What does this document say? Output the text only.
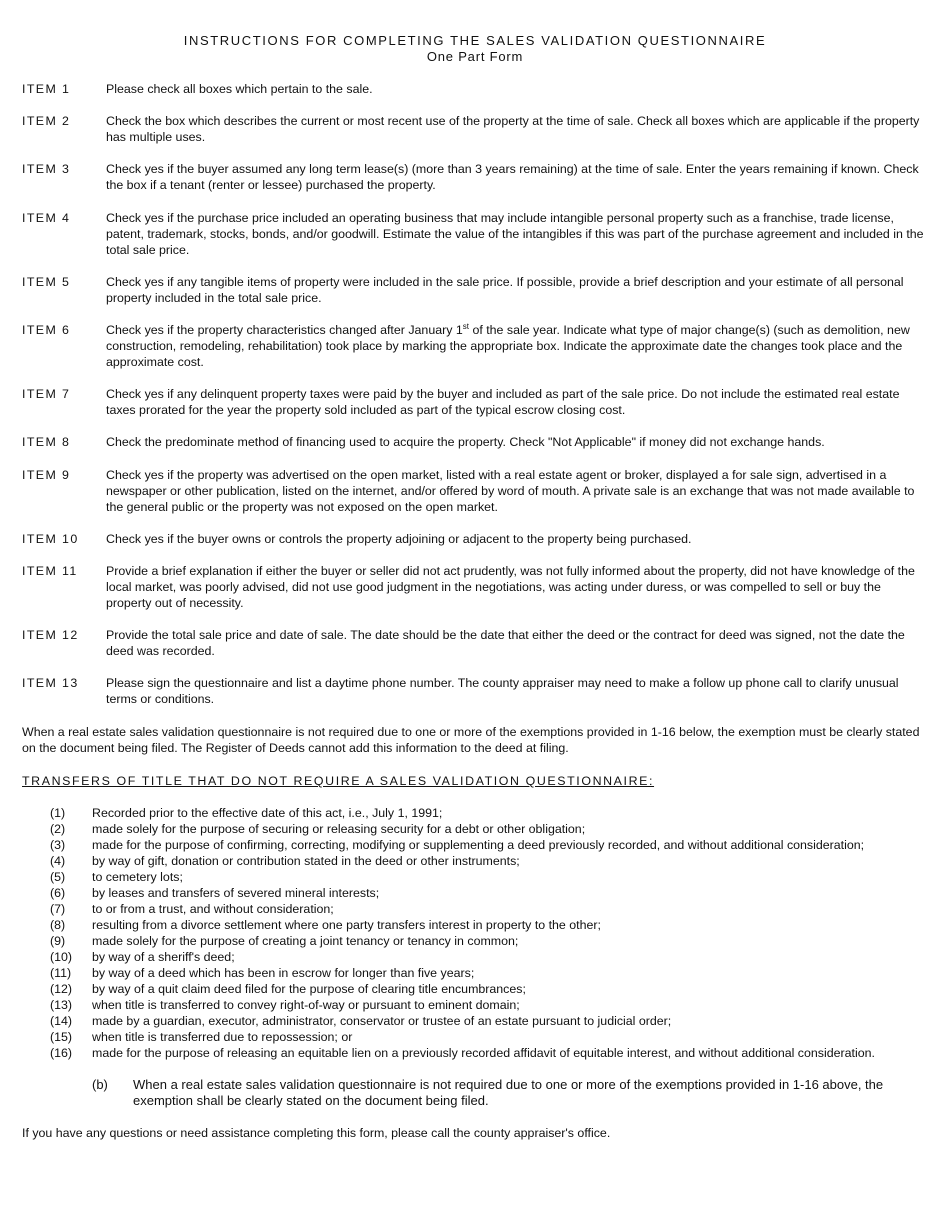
INSTRUCTIONS FOR COMPLETING THE SALES VALIDATION QUESTIONNAIRE
One Part Form
ITEM 1	Please check all boxes which pertain to the sale.
ITEM 2	Check the box which describes the current or most recent use of the property at the time of sale. Check all boxes which are applicable if the property has multiple uses.
ITEM 3	Check yes if the buyer assumed any long term lease(s) (more than 3 years remaining) at the time of sale. Enter the years remaining if known. Check the box if a tenant (renter or lessee) purchased the property.
ITEM 4	Check yes if the purchase price included an operating business that may include intangible personal property such as a franchise, trade license, patent, trademark, stocks, bonds, and/or goodwill. Estimate the value of the intangibles if this was part of the purchase agreement and included in the total sale price.
ITEM 5	Check yes if any tangible items of property were included in the sale price. If possible, provide a brief description and your estimate of all personal property included in the total sale price.
ITEM 6	Check yes if the property characteristics changed after January 1st of the sale year. Indicate what type of major change(s) (such as demolition, new construction, remodeling, rehabilitation) took place by marking the appropriate box. Indicate the approximate date the changes took place and the approximate cost.
ITEM 7	Check yes if any delinquent property taxes were paid by the buyer and included as part of the sale price. Do not include the estimated real estate taxes prorated for the year the property sold included as part of the typical escrow closing cost.
ITEM 8	Check the predominate method of financing used to acquire the property. Check "Not Applicable" if money did not exchange hands.
ITEM 9	Check yes if the property was advertised on the open market, listed with a real estate agent or broker, displayed a for sale sign, advertised in a newspaper or other publication, listed on the internet, and/or offered by word of mouth. A private sale is an exchange that was not made available to the general public or the property was not exposed on the open market.
ITEM 10 Check yes if the buyer owns or controls the property adjoining or adjacent to the property being purchased.
ITEM 11 Provide a brief explanation if either the buyer or seller did not act prudently, was not fully informed about the property, did not have knowledge of the local market, was poorly advised, did not use good judgment in the negotiations, was acting under duress, or was compelled to sell or buy the property out of necessity.
ITEM 12 Provide the total sale price and date of sale. The date should be the date that either the deed or the contract for deed was signed, not the date the deed was recorded.
ITEM 13 Please sign the questionnaire and list a daytime phone number. The county appraiser may need to make a follow up phone call to clarify unusual terms or conditions.
When a real estate sales validation questionnaire is not required due to one or more of the exemptions provided in 1-16 below, the exemption must be clearly stated on the document being filed. The Register of Deeds cannot add this information to the deed at filing.
TRANSFERS OF TITLE THAT DO NOT REQUIRE A SALES VALIDATION QUESTIONNAIRE:
(1) Recorded prior to the effective date of this act, i.e., July 1, 1991;
(2) made solely for the purpose of securing or releasing security for a debt or other obligation;
(3) made for the purpose of confirming, correcting, modifying or supplementing a deed previously recorded, and without additional consideration;
(4) by way of gift, donation or contribution stated in the deed or other instruments;
(5) to cemetery lots;
(6) by leases and transfers of severed mineral interests;
(7) to or from a trust, and without consideration;
(8) resulting from a divorce settlement where one party transfers interest in property to the other;
(9) made solely for the purpose of creating a joint tenancy or tenancy in common;
(10) by way of a sheriff's deed;
(11) by way of a deed which has been in escrow for longer than five years;
(12) by way of a quit claim deed filed for the purpose of clearing title encumbrances;
(13) when title is transferred to convey right-of-way or pursuant to eminent domain;
(14) made by a guardian, executor, administrator, conservator or trustee of an estate pursuant to judicial order;
(15) when title is transferred due to repossession; or
(16) made for the purpose of releasing an equitable lien on a previously recorded affidavit of equitable interest, and without additional consideration.
(b) When a real estate sales validation questionnaire is not required due to one or more of the exemptions provided in 1-16 above, the exemption shall be clearly stated on the document being filed.
If you have any questions or need assistance completing this form, please call the county appraiser's office.
